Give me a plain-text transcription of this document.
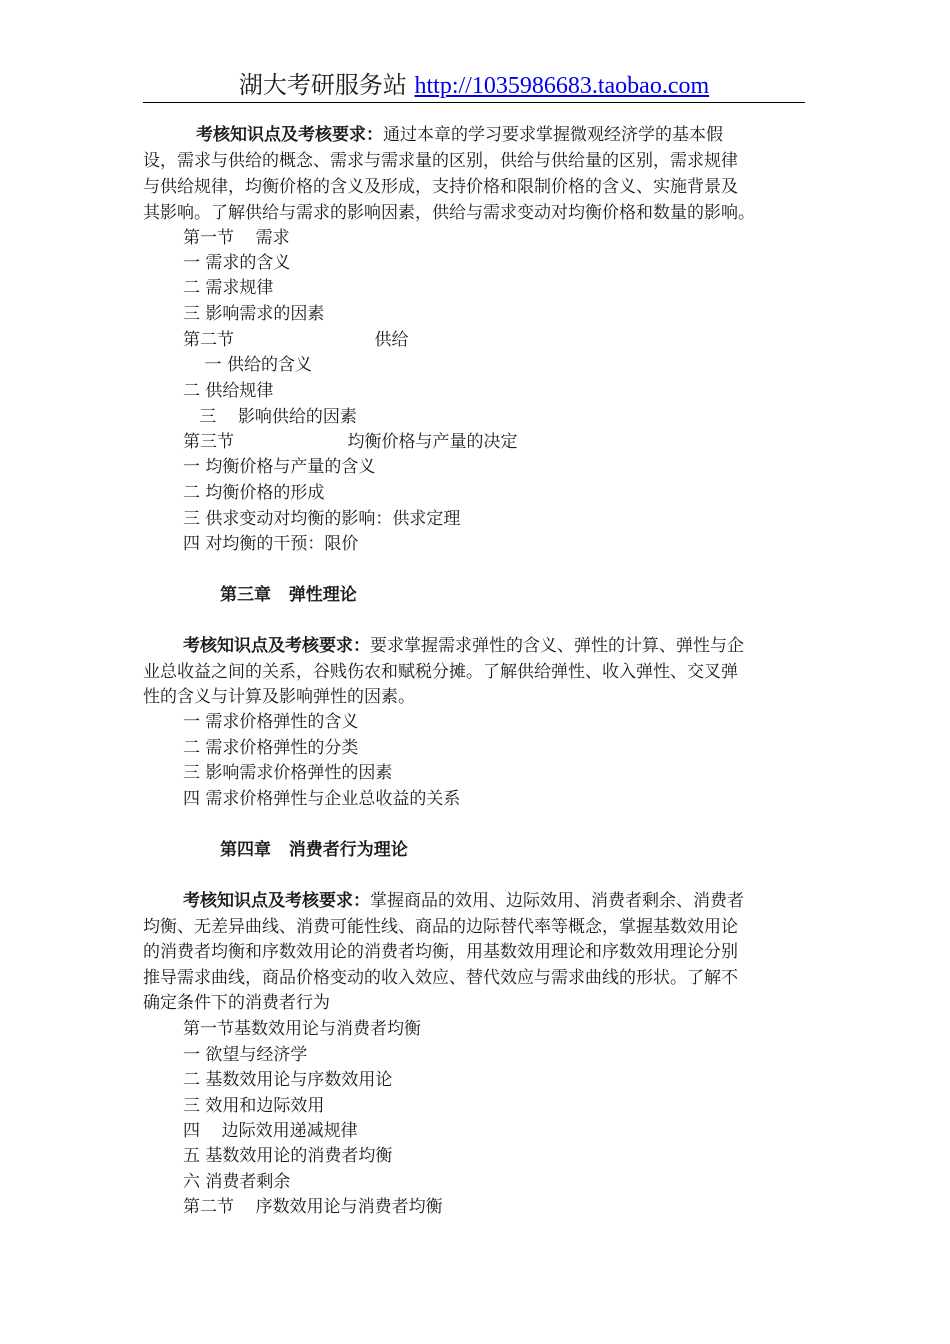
湖大考研服务站 http://1035986683.taobao.com
考核知识点及考核要求：通过本章的学习要求掌握微观经济学的基本假
设，需求与供给的概念、需求与需求量的区别，供给与供给量的区别，需求规律
与供给规律，均衡价格的含义及形成，支持价格和限制价格的含义、实施背景及
其影响。了解供给与需求的影响因素，供给与需求变动对均衡价格和数量的影响。
第一节    需求
一 需求的含义
二 需求规律
三 影响需求的因素
第二节                          供给
一 供给的含义
二 供给规律
三    影响供给的因素
第三节                     均衡价格与产量的决定
一 均衡价格与产量的含义
二 均衡价格的形成
三 供求变动对均衡的影响：供求定理
四 对均衡的干预：限价
第三章   弹性理论
考核知识点及考核要求：要求掌握需求弹性的含义、弹性的计算、弹性与企
业总收益之间的关系，谷贱伤农和赋税分摊。了解供给弹性、收入弹性、交叉弹
性的含义与计算及影响弹性的因素。
一 需求价格弹性的含义
二 需求价格弹性的分类
三 影响需求价格弹性的因素
四 需求价格弹性与企业总收益的关系
第四章   消费者行为理论
考核知识点及考核要求：掌握商品的效用、边际效用、消费者剩余、消费者
均衡、无差异曲线、消费可能性线、商品的边际替代率等概念，掌握基数效用论
的消费者均衡和序数效用论的消费者均衡，用基数效用理论和序数效用理论分别
推导需求曲线，商品价格变动的收入效应、替代效应与需求曲线的形状。了解不
确定条件下的消费者行为
第一节基数效用论与消费者均衡
一 欲望与经济学
二 基数效用论与序数效用论
三 效用和边际效用
四    边际效用递减规律
五 基数效用论的消费者均衡
六 消费者剩余
第二节    序数效用论与消费者均衡
